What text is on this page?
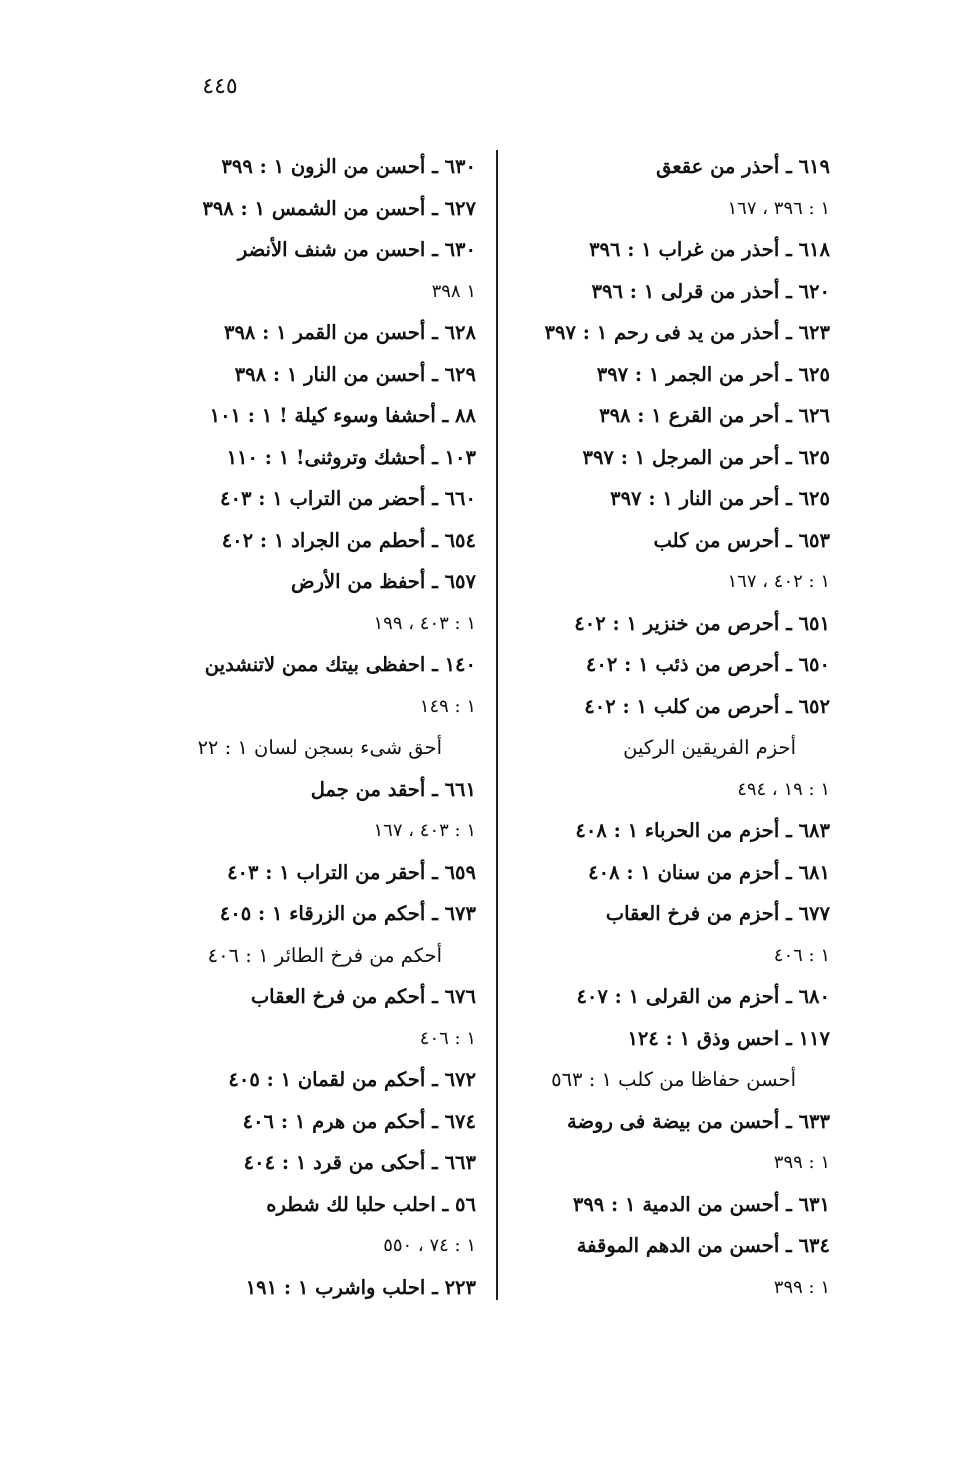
٤٤٥
٦١٩ ـ أحذر من عقعق
١ : ٣٩٦ ، ١٦٧
٦١٨ ـ أحذر من غراب ١ : ٣٩٦
٦٢٠ ـ أحذر من قرلى ١ : ٣٩٦
٦٢٣ ـ أحذر من يد فى رحم ١ : ٣٩٧
٦٢٥ ـ أحر من الجمر ١ : ٣٩٧
٦٢٦ ـ أحر من القرع ١ : ٣٩٨
٦٢٥ ـ أحر من المرجل ١ : ٣٩٧
٦٢٥ ـ أحر من النار ١ : ٣٩٧
٦٥٣ ـ أحرس من كلب
١ : ٤٠٢ ، ١٦٧
٦٥١ ـ أحرص من خنزير ١ : ٤٠٢
٦٥٠ ـ أحرص من ذئب ١ : ٤٠٢
٦٥٢ ـ أحرص من كلب ١ : ٤٠٢
أحزم الفريقين الركين
١ : ١٩ ، ٤٩٤
٦٨٣ ـ أحزم من الحرباء ١ : ٤٠٨
٦٨١ ـ أحزم من سنان ١ : ٤٠٨
٦٧٧ ـ أحزم من فرخ العقاب
١ : ٤٠٦
٦٨٠ ـ أحزم من القرلى ١ : ٤٠٧
١١٧ ـ احس وذق ١ : ١٢٤
أحسن حفاظا من كلب ١ : ٥٦٣
٦٣٣ ـ أحسن من بيضة فى روضة
١ : ٣٩٩
٦٣١ ـ أحسن من الدمية ١ : ٣٩٩
٦٣٤ ـ أحسن من الدهم الموقفة
١ : ٣٩٩
٦٣٠ ـ أحسن من الزون ١ : ٣٩٩
٦٢٧ ـ أحسن من الشمس ١ : ٣٩٨
٦٣٠ ـ احسن من شنف الأنضر
١ ٣٩٨
٦٢٨ ـ أحسن من القمر ١ : ٣٩٨
٦٢٩ ـ أحسن من النار ١ : ٣٩٨
٨٨ ـ أحشفا وسوء كيلة ! ١ : ١٠١
١٠٣ ـ أحشك وتروثنى! ١ : ١١٠
٦٦٠ ـ أحضر من التراب ١ : ٤٠٣
٦٥٤ ـ أحطم من الجراد ١ : ٤٠٢
٦٥٧ ـ أحفظ من الأرض
١ : ٤٠٣ ، ١٩٩
١٤٠ ـ احفظى بيتك ممن لاتنشدين
١ : ١٤٩
أحق شىء بسجن لسان ١ : ٢٢
٦٦١ ـ أحقد من جمل
١ : ٤٠٣ ، ١٦٧
٦٥٩ ـ أحقر من التراب ١ : ٤٠٣
٦٧٣ ـ أحكم من الزرقاء ١ : ٤٠٥
أحكم من فرخ الطائر ١ : ٤٠٦
٦٧٦ ـ أحكم من فرخ العقاب
١ : ٤٠٦
٦٧٢ ـ أحكم من لقمان ١ : ٤٠٥
٦٧٤ ـ أحكم من هرم ١ : ٤٠٦
٦٦٣ ـ أحكى من قرد ١ : ٤٠٤
٥٦ ـ احلب حلبا لك شطره
١ : ٧٤ ، ٥٥٠
٢٢٣ ـ احلب واشرب ١ : ١٩١
